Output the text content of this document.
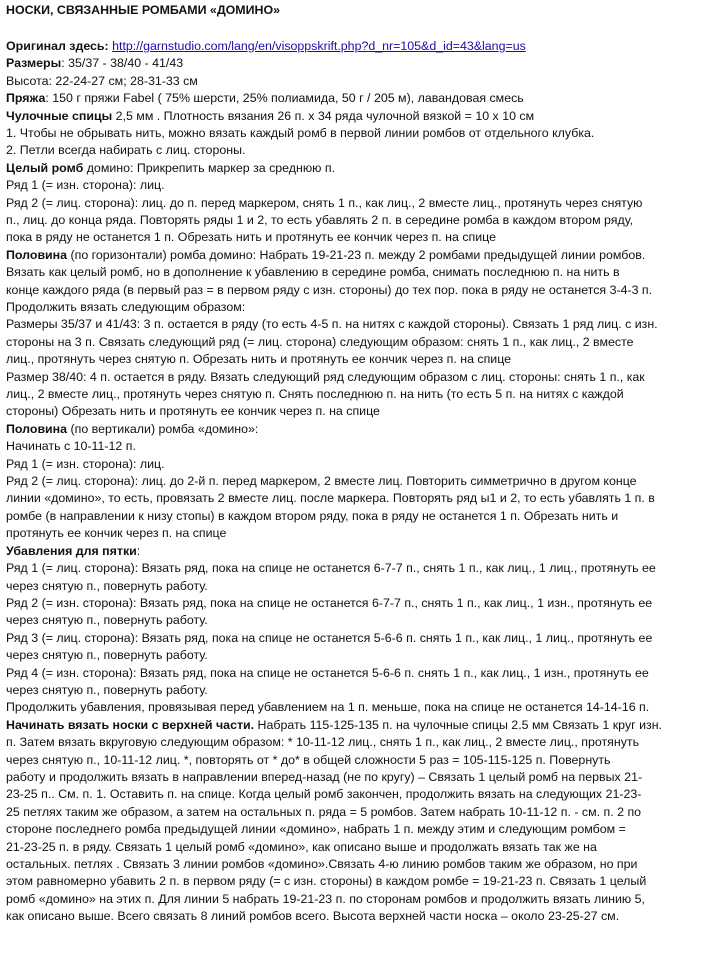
НОСКИ, СВЯЗАННЫЕ РОМБАМИ «ДОМИНО»
Оригинал здесь: http://garnstudio.com/lang/en/visoppskrift.php?d_nr=105&d_id=43&lang=us
Размеры: 35/37 - 38/40 - 41/43
Высота: 22-24-27 см; 28-31-33 см
Пряжа: 150 г пряжи Fabel ( 75% шерсти, 25% полиамида, 50 г / 205 м), лавандовая смесь
Чулочные спицы 2,5 мм . Плотность вязания 26 п. х 34 ряда чулочной вязкой = 10 х 10 см
1. Чтобы не обрывать нить, можно вязать каждый ромб в первой линии ромбов от отдельного клубка.
2. Петли всегда набирать с лиц. стороны.
Целый ромб домино: Прикрепить маркер за среднюю п.
Ряд 1 (= изн. сторона): лиц.
Ряд 2 (= лиц. сторона): лиц. до п. перед маркером, снять 1 п., как лиц., 2 вместе лиц., протянуть через снятую
п., лиц. до конца ряда. Повторять ряды 1 и 2, то есть убавлять 2 п. в середине ромба в каждом втором ряду,
пока в ряду не останется 1 п. Обрезать нить и протянуть ее кончик через п. на спице
Половина (по горизонтали) ромба домино: Набрать 19-21-23 п. между 2 ромбами предыдущей линии ромбов.
Вязать как целый ромб, но в дополнение к убавлению в середине ромба, снимать последнюю п. на нить в
конце каждого ряда (в первый раз = в первом ряду с изн. стороны) до тех пор. пока в ряду не останется 3-4-3 п.
Продолжить вязать следующим образом:
Размеры 35/37 и 41/43: 3 п. остается в ряду (то есть 4-5 п. на нитях с каждой стороны). Связать 1 ряд лиц. с изн.
стороны на 3 п. Связать следующий ряд (= лиц. сторона) следующим образом: снять 1 п., как лиц., 2 вместе
лиц., протянуть через снятую п. Обрезать нить и протянуть ее кончик через п. на спице
Размер 38/40: 4 п. остается в ряду. Вязать следующий ряд следующим образом с лиц. стороны: снять 1 п., как
лиц., 2 вместе лиц., протянуть через снятую п. Снять последнюю п. на нить (то есть 5 п. на нитях с каждой
стороны) Обрезать нить и протянуть ее кончик через п. на спице
Половина (по вертикали) ромба «домино»:
Начинать с 10-11-12 п.
Ряд 1 (= изн. сторона): лиц.
Ряд 2 (= лиц. сторона): лиц. до 2-й п. перед маркером, 2 вместе лиц. Повторить симметрично в другом конце
линии «домино», то есть, провязать 2 вместе лиц. после маркера. Повторять ряд ы1 и 2, то есть убавлять 1 п. в
ромбе (в направлении к низу стопы) в каждом втором ряду, пока в ряду не останется 1 п. Обрезать нить и
протянуть ее кончик через п. на спице
Убавления для пятки:
Ряд 1 (= лиц. сторона): Вязать ряд, пока на спице не останется 6-7-7 п., снять 1 п., как лиц., 1 лиц., протянуть ее
через снятую п., повернуть работу.
Ряд 2 (= изн. сторона): Вязать ряд, пока на спице не останется 6-7-7 п., снять 1 п., как лиц., 1 изн., протянуть ее
через снятую п., повернуть работу.
Ряд 3 (= лиц. сторона): Вязать ряд, пока на спице не останется 5-6-6 п. снять 1 п., как лиц., 1 лиц., протянуть ее
через снятую п., повернуть работу.
Ряд 4 (= изн. сторона): Вязать ряд, пока на спице не останется 5-6-6 п. снять 1 п., как лиц., 1 изн., протянуть ее
через снятую п., повернуть работу.
Продолжить убавления, провязывая перед убавлением на 1 п. меньше, пока на спице не останется 14-14-16 п.
Начинать вязать носки с верхней части. Набрать 115-125-135 п. на чулочные спицы 2.5 мм Связать 1 круг изн.
п. Затем вязать вкруговую следующим образом: * 10-11-12 лиц., снять 1 п., как лиц., 2 вместе лиц., протянуть
через снятую п., 10-11-12 лиц. *, повторять от * до* в общей сложности 5 раз = 105-115-125 п. Повернуть
работу и продолжить вязать в направлении вперед-назад (не по кругу) – Связать 1 целый ромб на первых 21-
23-25 п.. См. п. 1. Оставить п. на спице. Когда целый ромб закончен, продолжить вязать на следующих 21-23-
25 петлях таким же образом, а затем на остальных п. ряда = 5 ромбов. Затем набрать 10-11-12 п. - см. п. 2 по
стороне последнего ромба предыдущей линии «домино», набрать 1 п. между этим и следующим ромбом =
21-23-25 п. в ряду. Связать 1 целый ромб «домино», как описано выше и продолжать вязать так же на
остальных. петлях . Связать 3 линии ромбов «домино».Связать 4-ю линию ромбов таким же образом, но при
этом равномерно убавить 2 п. в первом ряду (= с изн. стороны) в каждом ромбе = 19-21-23 п. Связать 1 целый
ромб «домино» на этих п. Для линии 5 набрать 19-21-23 п. по сторонам ромбов и продолжить вязать линию 5,
как описано выше. Всего связать 8 линий ромбов всего. Высота верхней части носка – около 23-25-27 см.
